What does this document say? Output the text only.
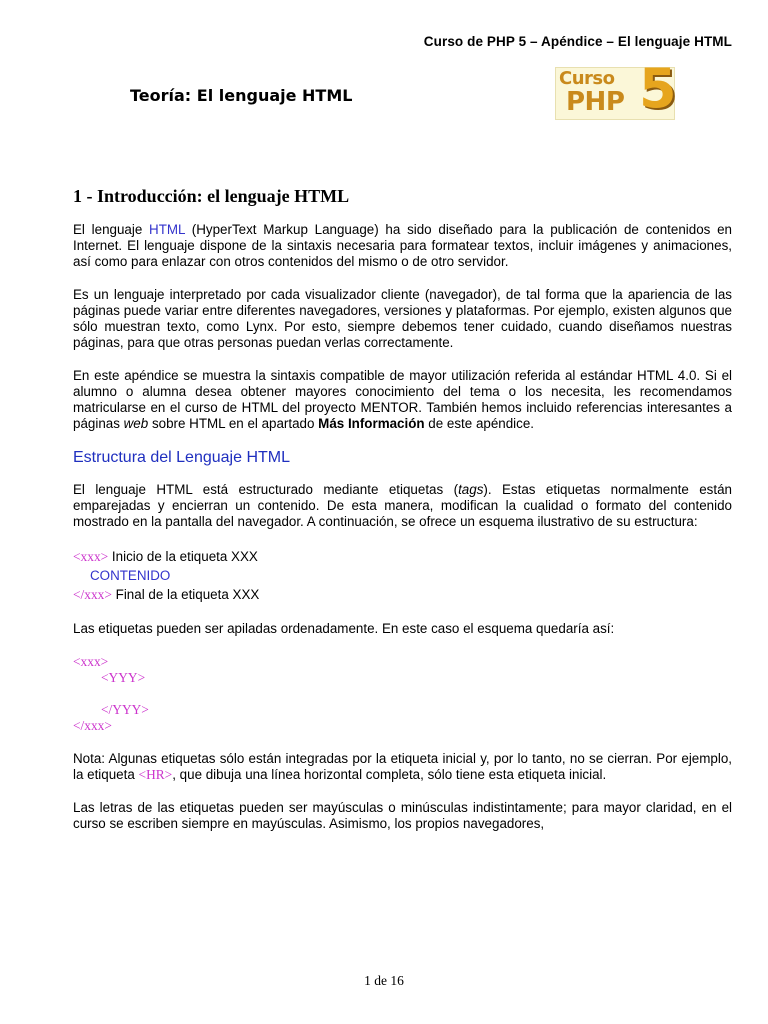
Curso de PHP 5 – Apéndice – El lenguaje HTML
Teoría: El lenguaje HTML
Curso
PHP 5
1 - Introducción: el lenguaje HTML

El lenguaje HTML (HyperText Markup Language) ha sido diseñado para la publicación de contenidos en Internet. El lenguaje dispone de la sintaxis necesaria para formatear textos, incluir imágenes y animaciones, así como para enlazar con otros contenidos del mismo o de otro servidor.

Es un lenguaje interpretado por cada visualizador cliente (navegador), de tal forma que la apariencia de las páginas puede variar entre diferentes navegadores, versiones y plataformas. Por ejemplo, existen algunos que sólo muestran texto, como Lynx. Por esto, siempre debemos tener cuidado, cuando diseñamos nuestras páginas, para que otras personas puedan verlas correctamente.

En este apéndice se muestra la sintaxis compatible de mayor utilización referida al estándar HTML 4.0. Si el alumno o alumna desea obtener mayores conocimiento del tema o los necesita, les recomendamos matricularse en el curso de HTML del proyecto MENTOR. También hemos incluido referencias interesantes a páginas web sobre HTML en el apartado Más Información de este apéndice.

Estructura del Lenguaje HTML

El lenguaje HTML está estructurado mediante etiquetas (tags). Estas etiquetas normalmente están emparejadas y encierran un contenido. De esta manera, modifican la cualidad o formato del contenido mostrado en la pantalla del navegador. A continuación, se ofrece un esquema ilustrativo de su estructura:

<xxx> Inicio de la etiqueta XXX
CONTENIDO
</xxx> Final de la etiqueta XXX

Las etiquetas pueden ser apiladas ordenadamente. En este caso el esquema quedaría así:

<xxx>
<YYY>
</YYY>
</xxx>

Nota: Algunas etiquetas sólo están integradas por la etiqueta inicial y, por lo tanto, no se cierran. Por ejemplo, la etiqueta <HR>, que dibuja una línea horizontal completa, sólo tiene esta etiqueta inicial.

Las letras de las etiquetas pueden ser mayúsculas o minúsculas indistintamente; para mayor claridad, en el curso se escriben siempre en mayúsculas. Asimismo, los propios navegadores,

1 de 16
